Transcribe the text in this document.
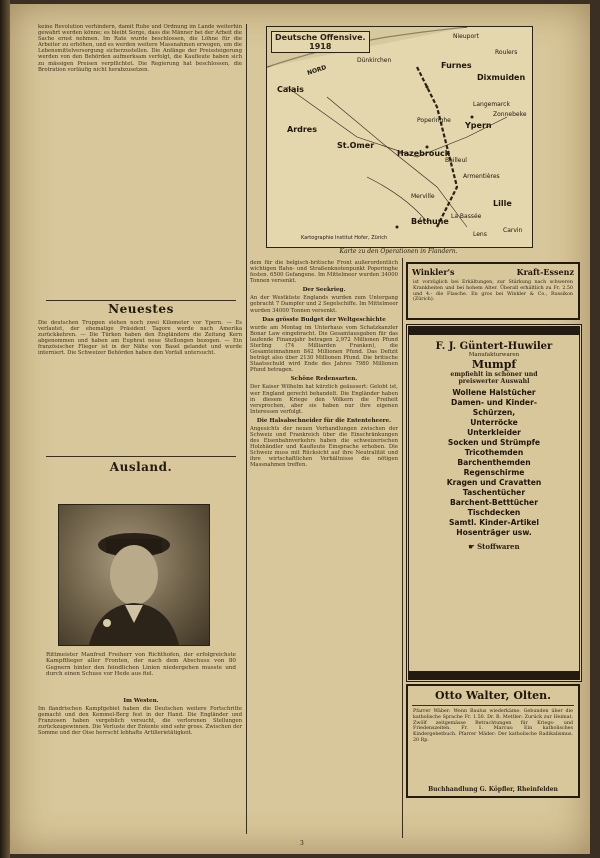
keine Revolution verhindern, damit Ruhe und Ordnung im Lande weiterhin gewahrt werden könne; es bleibt Sorge, dass die Männer bei der Arbeit die Sache ernst nehmen. Im Rate wurde beschlossen, die Löhne für die Arbeiter zu erhöhen, und es werden weitere Massnahmen erwogen, um die Lebensmittelversorgung sicherzustellen. Die Anfänge der Preissteigerung werden von den Behörden aufmerksam verfolgt, die Kaufleute haben sich zu mässigen Preisen verpflichtet. Die Regierung hat beschlossen, die Brotration vorläufig nicht herabzusetzen.

Neuestes

Die deutschen Truppen stehen noch zwei Kilometer vor Ypern. — Es verlautet, der ehemalige Präsident Tagore werde nach Amerika zurückkehren. — Die Türken haben den Engländern die Zeitung Kern abgenommen und haben am Euphrat neue Stellungen bezogen. — Ein französischer Flieger ist in der Nähe von Basel gelandet und wurde interniert. Die Schweizer Behörden haben den Vorfall untersucht.

Ausland.

Rittmeister Manfred Freiherr von Richthofen, der erfolgreichste Kampfflieger aller Fronten, der nach dem Abschuss von 80 Gegnern hinter den feindlichen Linien niedergehen musste und durch einen Schuss vor Hede aus fiel.

Im Westen.

Im flandrischen Kampfgebiet haben die Deutschen weitere Fortschritte gemacht und den Kemmel-Berg fest in der Hand. Die Engländer und Franzosen haben vergeblich versucht, die verlorenen Stellungen zurückzugewinnen. Die Verluste der Entente sind sehr gross. Zwischen der Somme und der Oise herrscht lebhafte Artillerietätigkeit.

Deutsche Offensive.
1918
Calais
Dünkirchen
Nieuport
Furnes
Dixmuiden
Ypern
Poperinghe
Hazebrouck
St.Omer
Ardres
Bailleul
Armentières
Lille
Béthune
La Bassée
Merville
Lens
Carvin
Langemarck
Zonnebeke
Roulers
NORD
Kartographie Institut Hofer, Zürich
Karte zu den Operationen in Flandern.

dem für die belgisch-britische Front außerordentlich wichtigen Bahn- und Straßenknotenpunkt Poperinghe festen. 6500 Gefangene. Im Mittelmeer wurden 34000 Tonnen versenkt.

Der Seekrieg.

An der Westküste Englands wurden zum Untergang gebracht 7 Dampfer und 2 Segelschiffe. Im Mittelmeer wurden 34000 Tonnen versenkt.

Das grösste Budget der Weltgeschichte

wurde am Montag im Unterhaus vom Schatzkanzler Bonar Law eingebracht. Die Gesamtausgaben für das laufende Finanzjahr betragen 2,972 Millionen Pfund Sterling (74 Milliarden Franken), die Gesamteinnahmen 842 Millionen Pfund. Das Defizit beträgt also über 2130 Millionen Pfund. Die britische Staatsschuld wird Ende des Jahres 7980 Millionen Pfund betragen.

Schöne Redensarten.

Der Kaiser Wilhelm hat kürzlich geäussert: Gelobt ist, wer England gerecht behandelt. Die Engländer haben in diesem Kriege den Völkern die Freiheit versprochen, aber sie haben nur ihre eigenen Interessen verfolgt.

Die Halsabschneider für die Ententeheere.

Angesichts der neuen Verhandlungen zwischen der Schweiz und Frankreich über die Einschränkungen des Eisenbahnverkehrs haben die schweizerischen Holzhändler und Kaufleute Einsprache erhoben. Die Schweiz muss mit Rücksicht auf ihre Neutralität und ihre wirtschaftlichen Verhältnisse die nötigen Massnahmen treffen.

Winkler's	Kraft-Essenz

ist vorzüglich bei Erkältungen, zur Stärkung nach schweren Krankheiten und bei hohem Alter. Überall erhältlich zu Fr. 2.50 und 4.- die Flasche. En gros bei Winkler & Co., Russikon (Zürich).

F. J. Güntert-Huwiler
Manufakturwaren
Mumpf
empfiehlt in schöner und
preiswerter Auswahl
Wollene Halstücher
Damen- und Kinder-
Schürzen,
Unterröcke
Unterkleider
Socken und Strümpfe
Tricothemden
Barchenthemden
Regenschirme
Kragen und Cravatten
Taschentücher
Barchent-Betttücher
Tischdecken
Samtl. Kinder-Artikel
Hosenträger usw.
☛ Stoffwaren
Otto Walter, Olten.

Pfarrer Wäber: Wenn Baulus wiederkäme. Gebunden über die katholische Sprache Fr. 1.50. Dr. B. Mettler: Zurück zur Heimat. Zwölf zeitgemässe Betrachtungen für Kriegs- und Friedenszeiten. Fr. 1. Marcus: Ein katholisches Kindergebetbuch. Pfarrer Mäder: Der katholische Radikalismus. 20 Rp.

Buchhandlung G. Köpfler, Rheinfelden
3
